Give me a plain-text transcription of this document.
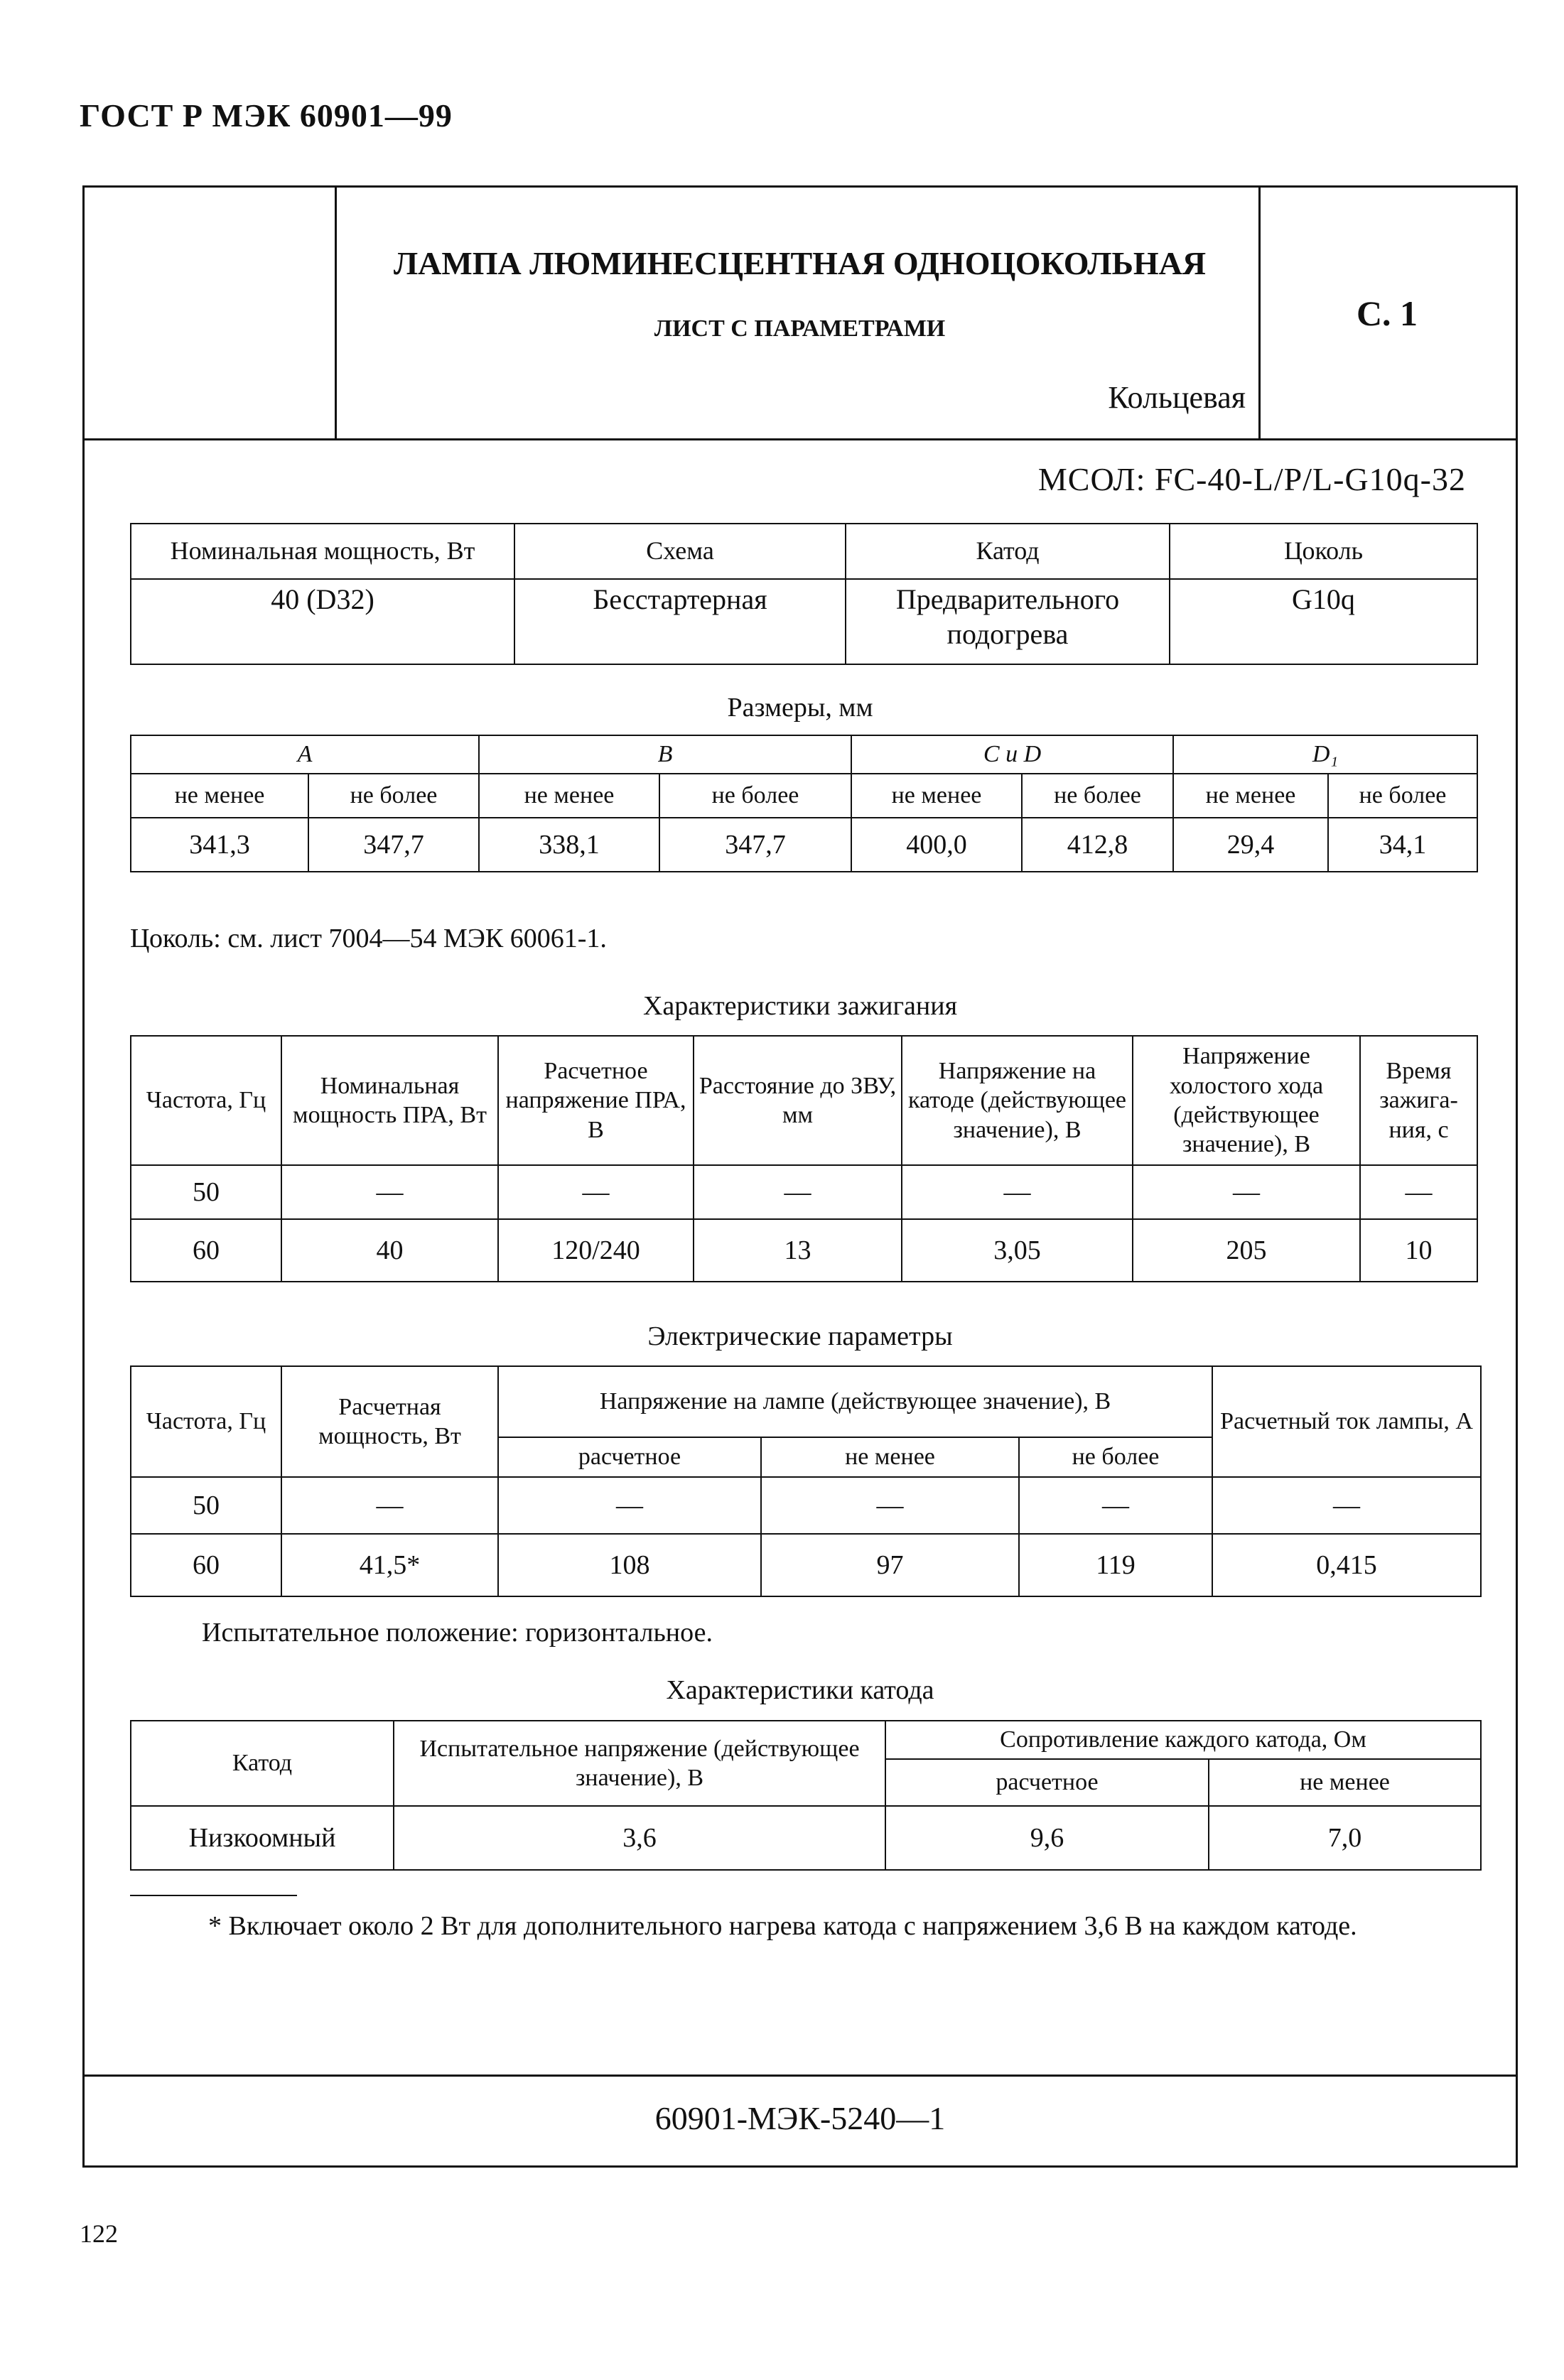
ГОСТ Р МЭК 60901—99
ЛАМПА ЛЮМИНЕСЦЕНТНАЯ ОДНОЦОКОЛЬНАЯ
ЛИСТ С ПАРАМЕТРАМИ
Кольцевая
С. 1
МСОЛ: FC-40-L/P/L-G10q-32
Номинальная мощность, Вт	Схема	Катод	Цоколь
40 (D32)	Бесстартерная	Предварительного подогрева	G10q
Размеры, мм
A		B		C и D		D₁	
не менее	не более	не менее	не более	не менее	не более	не менее	не более
341,3	347,7	338,1	347,7	400,0	412,8	29,4	34,1
Цоколь: см. лист 7004—54 МЭК 60061-1.
Характеристики зажигания
Частота, Гц	Номинальная мощность ПРА, Вт	Расчетное напряжение ПРА, В	Расстояние до ЗВУ, мм	Напряжение на катоде (действующее значение), В	Напряжение холостого хода (действующее значение), В	Время зажигания, с
50	—	—	—	—	—	—
60	40	120/240	13	3,05	205	10
Электрические параметры
Частота, Гц	Расчетная мощность, Вт	Напряжение на лампе (действующее значение), В			Расчетный ток лампы, А
		расчетное	не менее	не более	
50	—	—	—	—	—
60	41,5*	108	97	119	0,415
Испытательное положение: горизонтальное.
Характеристики катода
Катод	Испытательное напряжение (действующее значение), В	Сопротивление каждого катода, Ом	
		расчетное	не менее
Низкоомный	3,6	9,6	7,0
* Включает около 2 Вт для дополнительного нагрева катода с напряжением 3,6 В на каждом катоде.
60901-МЭК-5240—1
122
